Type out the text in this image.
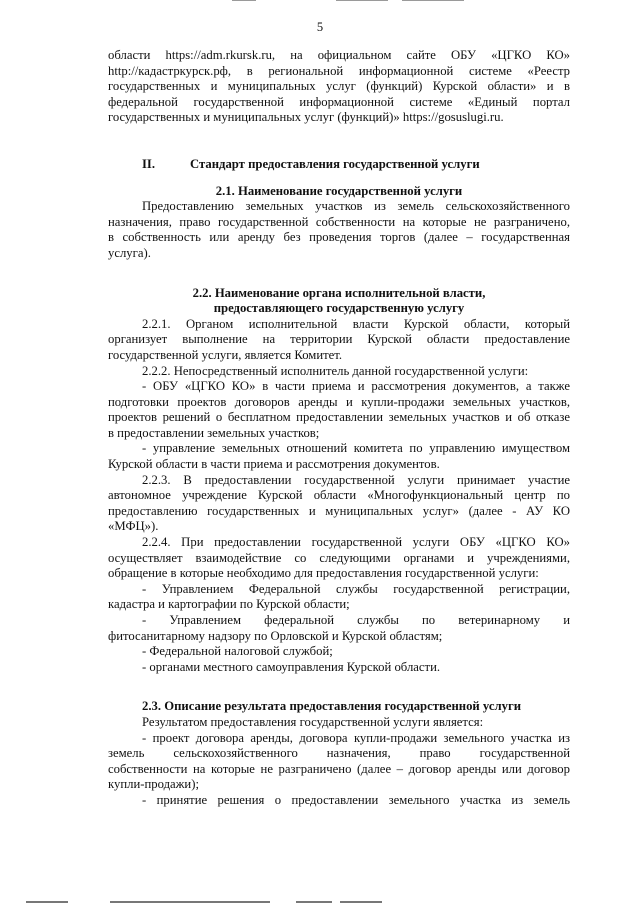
5

области https://adm.rkursk.ru, на официальном сайте ОБУ «ЦГКО КО»

http://кадастркурск.рф, в региональной информационной системе «Реестр

государственных и муниципальных услуг (функций) Курской области» и в

федеральной государственной информационной системе «Единый портал

государственных и муниципальных услуг (функций)» https://gosuslugi.ru.

II.	Стандарт предоставления государственной услуги

2.1. Наименование государственной услуги

Предоставлению земельных участков из земель сельскохозяйственного

назначения, право государственной собственности на которые не разграничено,

в собственность или аренду без проведения торгов (далее – государственная

услуга).

2.2. Наименование органа исполнительной власти,

предоставляющего государственную услугу

2.2.1. Органом исполнительной власти Курской области, который

организует выполнение на территории Курской области предоставление

государственной услуги, является Комитет.

2.2.2. Непосредственный исполнитель данной государственной услуги:

- ОБУ «ЦГКО КО» в части приема и рассмотрения документов, а также

подготовки проектов договоров аренды и купли-продажи земельных участков,

проектов решений о бесплатном предоставлении земельных участков и об отказе

в предоставлении земельных участков;

- управление земельных отношений комитета по управлению имуществом

Курской области в части приема и рассмотрения документов.

2.2.3. В предоставлении государственной услуги принимает участие

автономное учреждение Курской области «Многофункциональный центр по

предоставлению государственных и муниципальных услуг» (далее - АУ КО

«МФЦ»).

2.2.4. При предоставлении государственной услуги ОБУ «ЦГКО КО»

осуществляет взаимодействие со следующими органами и учреждениями,

обращение в которые необходимо для предоставления государственной услуги:

- Управлением Федеральной службы государственной регистрации,

кадастра и картографии по Курской области;

- Управлением федеральной службы по ветеринарному и

фитосанитарному надзору по Орловской и Курской областям;

- Федеральной налоговой службой;

- органами местного самоуправления Курской области.

2.3. Описание результата предоставления государственной услуги

Результатом предоставления государственной услуги является:

- проект договора аренды, договора купли-продажи земельного участка из

земель сельскохозяйственного назначения, право государственной

собственности на которые не разграничено (далее – договор аренды или договор

купли-продажи);

- принятие решения о предоставлении земельного участка из земель
